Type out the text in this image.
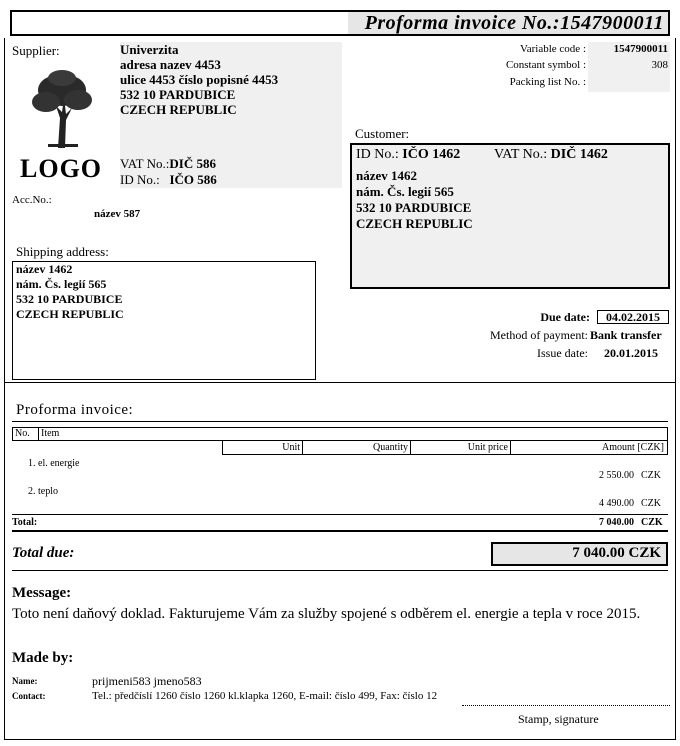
Proforma invoice No.:1547900011
Supplier:	Univerzita
adresa nazev 4453
ulice 4453 číslo popisné 4453
532 10 PARDUBICE
CZECH REPUBLIC
VAT No.:DIČ 586
ID No.: IČO 586
LOGO
Acc.No.:
název 587
Variable code :	1547900011
Constant symbol :	308
Packing list No. :
Customer:
ID No.: IČO 1462 VAT No.: DIČ 1462
název 1462
nám. Čs. legií 565
532 10 PARDUBICE
CZECH REPUBLIC
Shipping address:
název 1462
nám. Čs. legií 565
532 10 PARDUBICE
CZECH REPUBLIC	Due date:	04.02.2015
Method of payment: Bank transfer
Issue date: 20.01.2015
Proforma invoice:
No. Item
Unit	Quantity	Unit price	Amount [CZK]
1. el. energie
2 550.00 CZK
2. teplo
4 490.00 CZK
Total:	7 040.00 CZK
Total due:	7 040.00 CZK
Message:
Toto není daňový doklad. Fakturujeme Vám za služby spojené s odběrem el. energie a tepla v roce 2015.
Made by:
Name:	prijmeni583 jmeno583
Contact:	Tel.: předčíslí 1260 číslo 1260 kl.klapka 1260, E-mail: číslo 499, Fax: číslo 12
Stamp, signature
